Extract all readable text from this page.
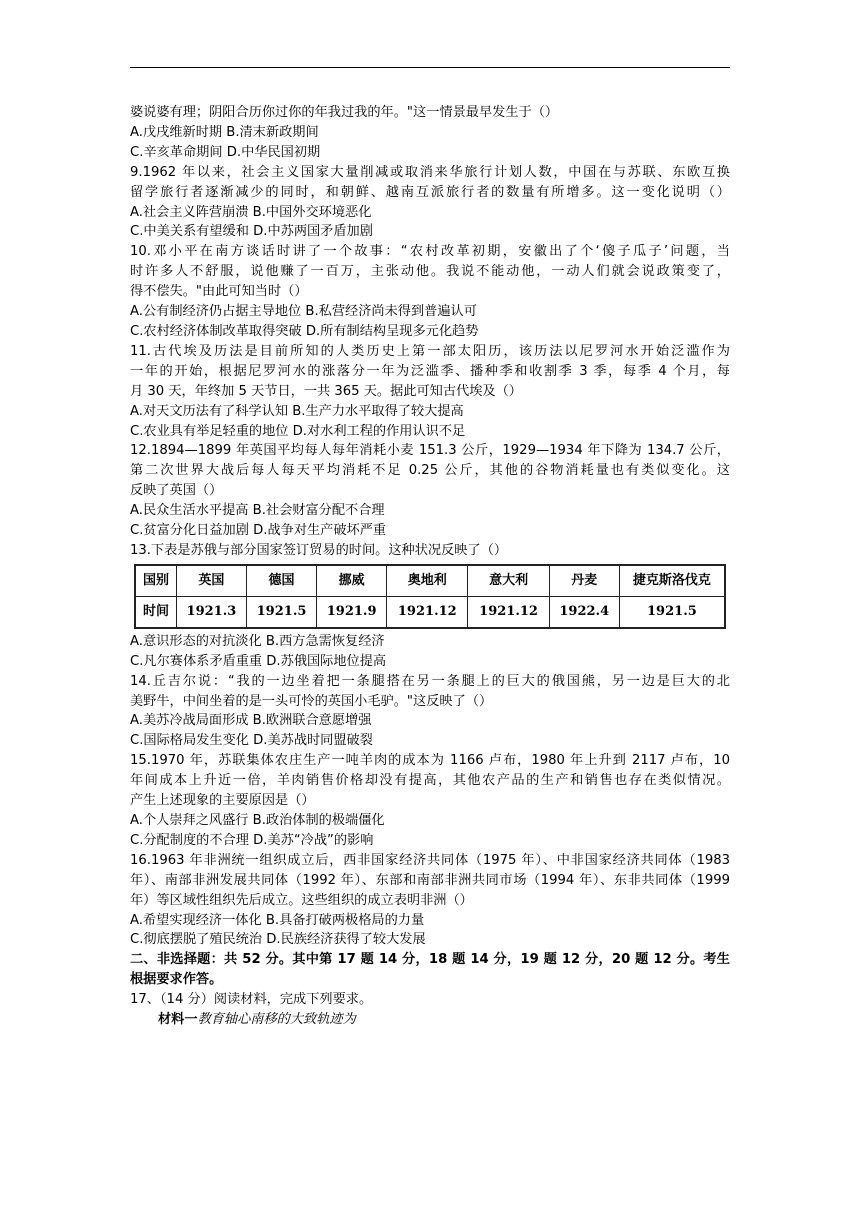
婆说婆有理；阴阳合历你过你的年我过我的年。"这一情景最早发生于（）
A.戊戌维新时期 B.清末新政期间
C.辛亥革命期间 D.中华民国初期
9.1962 年以来，社会主义国家大量削减或取消来华旅行计划人数，中国在与苏联、东欧互换
留学旅行者逐渐减少的同时，和朝鲜、越南互派旅行者的数量有所增多。这一变化说明（）
A.社会主义阵营崩溃 B.中国外交环境恶化
C.中美关系有望缓和 D.中苏两国矛盾加剧
10.邓小平在南方谈话时讲了一个故事：“农村改革初期，安徽出了个‘傻子瓜子’问题，当
时许多人不舒服，说他赚了一百万，主张动他。我说不能动他，一动人们就会说政策变了，
得不偿失。"由此可知当时（）
A.公有制经济仍占据主导地位 B.私营经济尚未得到普遍认可
C.农村经济体制改革取得突破 D.所有制结构呈现多元化趋势
11.古代埃及历法是目前所知的人类历史上第一部太阳历，该历法以尼罗河水开始泛滥作为
一年的开始，根据尼罗河水的涨落分一年为泛滥季、播种季和收割季 3 季，每季 4 个月，每
月 30 天，年终加 5 天节日，一共 365 天。据此可知古代埃及（）
A.对天文历法有了科学认知 B.生产力水平取得了较大提高
C.农业具有举足轻重的地位 D.对水利工程的作用认识不足
12.1894—1899 年英国平均每人每年消耗小麦 151.3 公斤，1929—1934 年下降为 134.7 公斤，
第二次世界大战后每人每天平均消耗不足 0.25 公斤，其他的谷物消耗量也有类似变化。这
反映了英国（）
A.民众生活水平提高 B.社会财富分配不合理
C.贫富分化日益加剧 D.战争对生产破坏严重
13.下表是苏俄与部分国家签订贸易的时间。这种状况反映了（）
国别	英国	德国	挪威	奥地利	意大利	丹麦	捷克斯洛伐克
时间	1921.3	1921.5	1921.9	1921.12	1921.12	1922.4	1921.5
A.意识形态的对抗淡化 B.西方急需恢复经济
C.凡尔赛体系矛盾重重 D.苏俄国际地位提高
14.丘吉尔说：“我的一边坐着把一条腿搭在另一条腿上的巨大的俄国熊，另一边是巨大的北
美野牛，中间坐着的是一头可怜的英国小毛驴。"这反映了（）
A.美苏冷战局面形成 B.欧洲联合意愿增强
C.国际格局发生变化 D.美苏战时同盟破裂
15.1970 年，苏联集体农庄生产一吨羊肉的成本为 1166 卢布，1980 年上升到 2117 卢布，10
年间成本上升近一倍，羊肉销售价格却没有提高，其他农产品的生产和销售也存在类似情况。
产生上述现象的主要原因是（）
A.个人崇拜之风盛行 B.政治体制的极端僵化
C.分配制度的不合理 D.美苏“冷战”的影响
16.1963 年非洲统一组织成立后，西非国家经济共同体（1975 年）、中非国家经济共同体（1983
年）、南部非洲发展共同体（1992 年）、东部和南部非洲共同市场（1994 年）、东非共同体（1999
年）等区域性组织先后成立。这些组织的成立表明非洲（）
A.希望实现经济一体化 B.具备打破两极格局的力量
C.彻底摆脱了殖民统治 D.民族经济获得了较大发展
二、非选择题：共 52 分。其中第 17 题 14 分，18 题 14 分，19 题 12 分，20 题 12 分。考生
根据要求作答。
17、（14 分）阅读材料，完成下列要求。
材料一教育轴心南移的大致轨迹为
